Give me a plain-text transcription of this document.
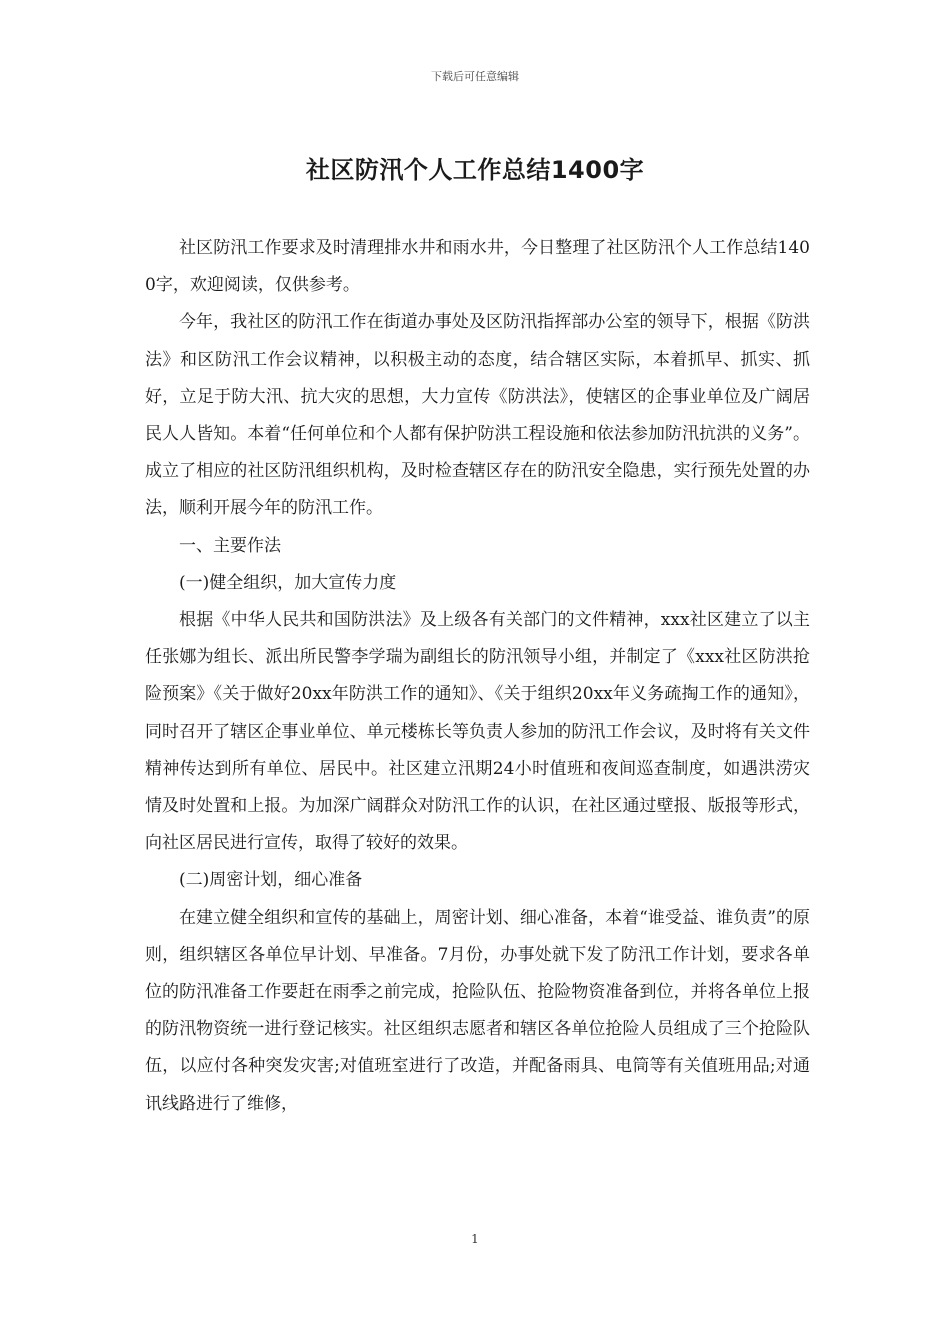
下载后可任意编辑
社区防汛个人工作总结1400字

社区防汛工作要求及时清理排水井和雨水井，今日整理了社区防汛个人工作总结1400字，欢迎阅读，仅供参考。

今年，我社区的防汛工作在街道办事处及区防汛指挥部办公室的领导下，根据《防洪法》和区防汛工作会议精神，以积极主动的态度，结合辖区实际，本着抓早、抓实、抓好，立足于防大汛、抗大灾的思想，大力宣传《防洪法》，使辖区的企事业单位及广阔居民人人皆知。本着“任何单位和个人都有保护防洪工程设施和依法参加防汛抗洪的义务”。成立了相应的社区防汛组织机构，及时检查辖区存在的防汛安全隐患，实行预先处置的办法，顺利开展今年的防汛工作。

一、主要作法

(一)健全组织，加大宣传力度

根据《中华人民共和国防洪法》及上级各有关部门的文件精神，xxx社区建立了以主任张娜为组长、派出所民警李学瑞为副组长的防汛领导小组，并制定了《xxx社区防洪抢险预案》《关于做好20xx年防洪工作的通知》、《关于组织20xx年义务疏掏工作的通知》，同时召开了辖区企事业单位、单元楼栋长等负责人参加的防汛工作会议，及时将有关文件精神传达到所有单位、居民中。社区建立汛期24小时值班和夜间巡查制度，如遇洪涝灾情及时处置和上报。为加深广阔群众对防汛工作的认识，在社区通过壁报、版报等形式，向社区居民进行宣传，取得了较好的效果。

(二)周密计划，细心准备

在建立健全组织和宣传的基础上，周密计划、细心准备，本着“谁受益、谁负责”的原则，组织辖区各单位早计划、早准备。7月份，办事处就下发了防汛工作计划，要求各单位的防汛准备工作要赶在雨季之前完成，抢险队伍、抢险物资准备到位，并将各单位上报的防汛物资统一进行登记核实。社区组织志愿者和辖区各单位抢险人员组成了三个抢险队伍，以应付各种突发灾害;对值班室进行了改造，并配备雨具、电筒等有关值班用品;对通讯线路进行了维修，

1
